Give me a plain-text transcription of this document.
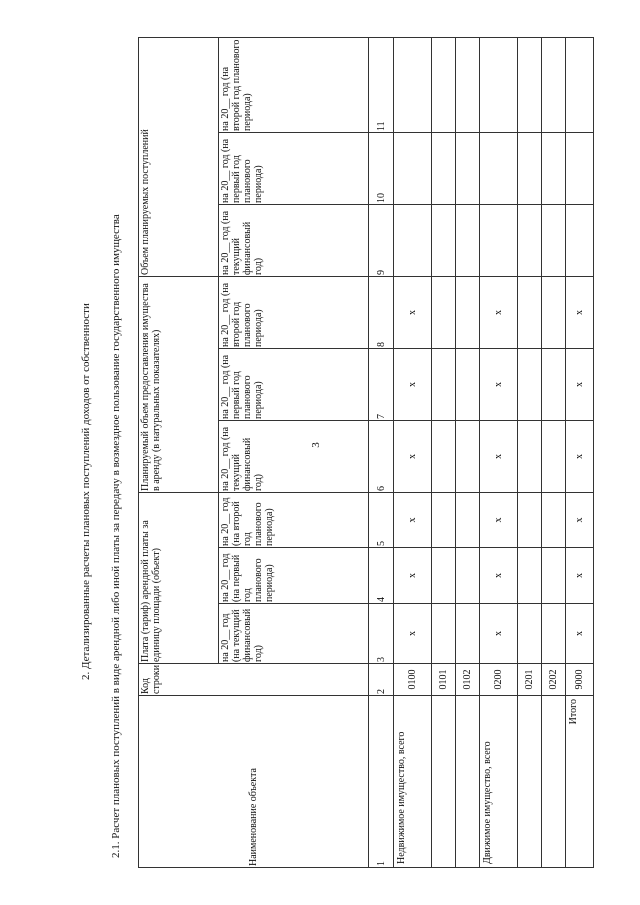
3
2. Детализированные расчеты плановых поступлений доходов от собственности 2.1. Расчет плановых поступлений в виде арендной либо иной платы за передачу в возмездное пользование государственного имущества	Наименование объекта	Код строки	Плата (тариф) арендной платы за единицу площади (объект)			Планируемый объем предоставления имущества в аренду (в натуральных показателях)			Объем планируемых поступлений		
		на 20__ год (на текущий финансовый год)	на 20__ год (на первый год планового периода)	на 20__ год (на второй год планового периода)	на 20__ год (на текущий финансовый год)	на 20__ год (на первый год планового периода)	на 20__ год (на второй год планового периода)	на 20__ год (на текущий финансовый год)	на 20__ год (на первый год планового периода)	на 20__ год (на второй год планового периода)
1	2	3	4	5	6	7	8	9	10	11
Недвижимое имущество, всего	0100	x	x	x	x	x	x			
	0101									
	0102									
Движимое имущество, всего	0200	x	x	x	x	x	x			
	0201									
	0202									
Итого	9000	x	x	x	x	x	x			
